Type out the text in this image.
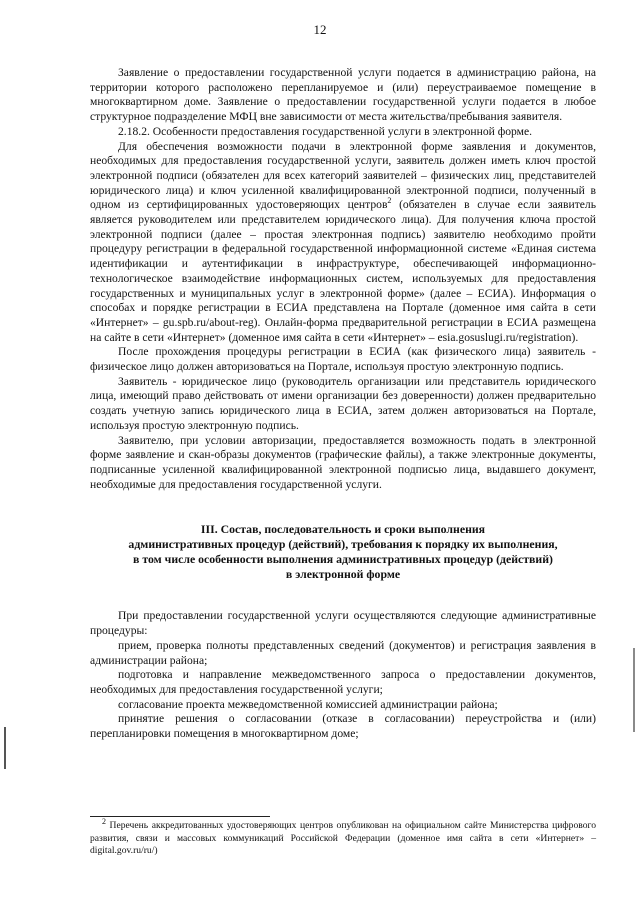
12

Заявление о предоставлении государственной услуги подается в администрацию района, на территории которого расположено перепланируемое и (или) переустраиваемое помещение в многоквартирном доме. Заявление о предоставлении государственной услуги подается в любое структурное подразделение МФЦ вне зависимости от места жительства/пребывания заявителя.

2.18.2. Особенности предоставления государственной услуги в электронной форме.

Для обеспечения возможности подачи в электронной форме заявления и документов, необходимых для предоставления государственной услуги, заявитель должен иметь ключ простой электронной подписи (обязателен для всех категорий заявителей – физических лиц, представителей юридического лица) и ключ усиленной квалифицированной электронной подписи, полученный в одном из сертифицированных удостоверяющих центров$^2$ (обязателен в случае если заявитель является руководителем или представителем юридического лица). Для получения ключа простой электронной подписи (далее – простая электронная подпись) заявителю необходимо пройти процедуру регистрации в федеральной государственной информационной системе «Единая система идентификации и аутентификации в инфраструктуре, обеспечивающей информационно-технологическое взаимодействие информационных систем, используемых для предоставления государственных и муниципальных услуг в электронной форме» (далее – ЕСИА). Информация о способах и порядке регистрации в ЕСИА представлена на Портале (доменное имя сайта в сети «Интернет» – gu.spb.ru/about-reg). Онлайн-форма предварительной регистрации в ЕСИА размещена на сайте в сети «Интернет» (доменное имя сайта в сети «Интернет» – esia.gosuslugi.ru/registration).

После прохождения процедуры регистрации в ЕСИА (как физического лица) заявитель - физическое лицо должен авторизоваться на Портале, используя простую электронную подпись.

Заявитель - юридическое лицо (руководитель организации или представитель юридического лица, имеющий право действовать от имени организации без доверенности) должен предварительно создать учетную запись юридического лица в ЕСИА, затем должен авторизоваться на Портале, используя простую электронную подпись.

Заявителю, при условии авторизации, предоставляется возможность подать в электронной форме заявление и скан-образы документов (графические файлы), а также электронные документы, подписанные усиленной квалифицированной электронной подписью лица, выдавшего документ, необходимые для предоставления государственной услуги.

III. Состав, последовательность и сроки выполнения
административных процедур (действий), требования к порядку их выполнения,
в том числе особенности выполнения административных процедур (действий)
в электронной форме

При предоставлении государственной услуги осуществляются следующие административные процедуры:

прием, проверка полноты представленных сведений (документов) и регистрация заявления в администрации района;

подготовка и направление межведомственного запроса о предоставлении документов, необходимых для предоставления государственной услуги;

согласование проекта межведомственной комиссией администрации района;

принятие решения о согласовании (отказе в согласовании) переустройства и (или) перепланировки помещения в многоквартирном доме;

$^2$ Перечень аккредитованных удостоверяющих центров опубликован на официальном сайте Министерства цифрового развития, связи и массовых коммуникаций Российской Федерации (доменное имя сайта в сети «Интернет» – digital.gov.ru/ru/)
